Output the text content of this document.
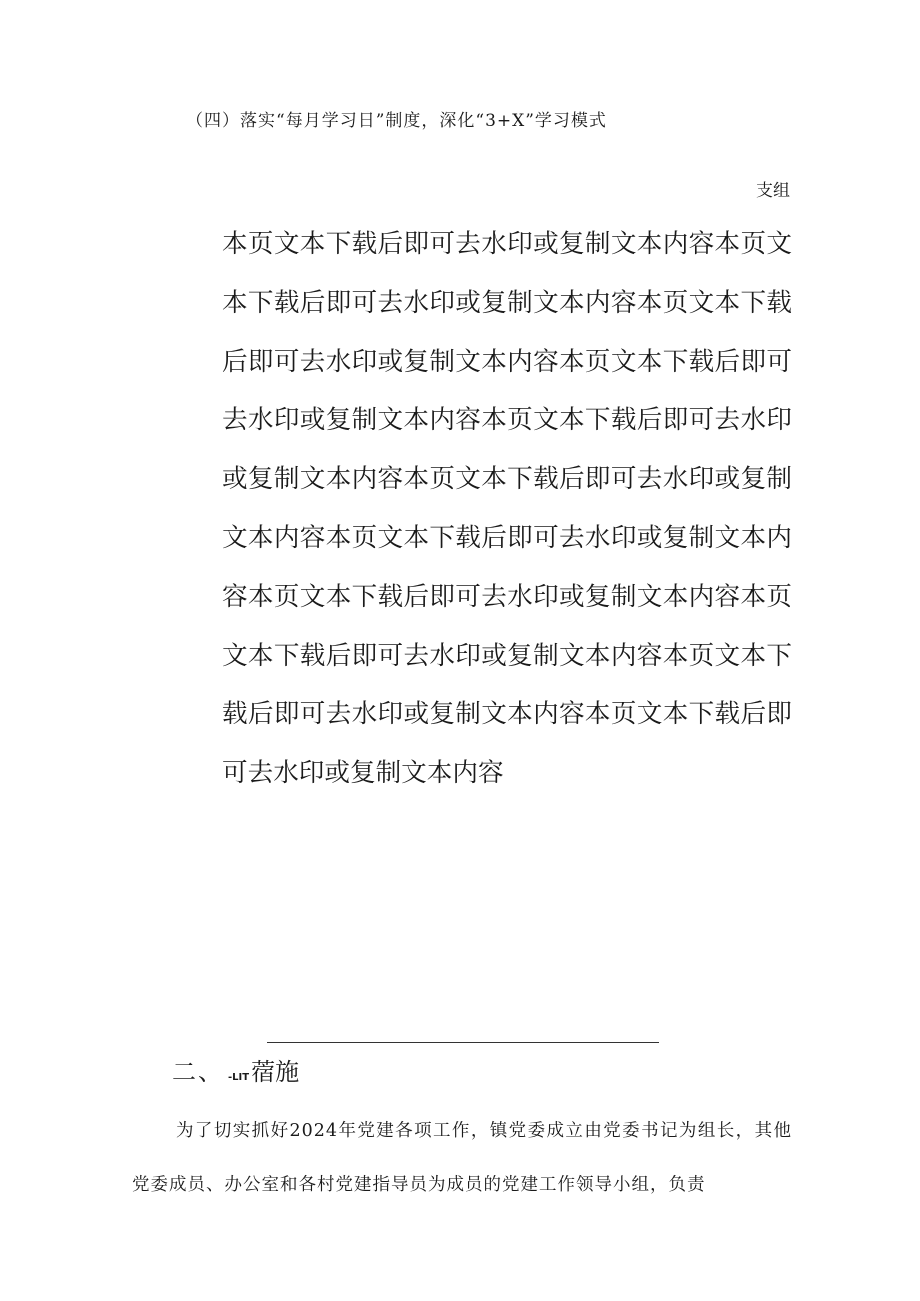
（四）落实“每月学习日”制度，深化“3+X”学习模式
支组
本页文本下载后即可去水印或复制文本内容本页文本下载后即可去水印或复制文本内容本页文本下载后即可去水印或复制文本内容本页文本下载后即可去水印或复制文本内容本页文本下载后即可去水印或复制文本内容本页文本下载后即可去水印或复制文本内容本页文本下载后即可去水印或复制文本内容本页文本下载后即可去水印或复制文本内容本页文本下载后即可去水印或复制文本内容本页文本下载后即可去水印或复制文本内容本页文本下载后即可去水印或复制文本内容
二、 -LIT 蓿施
为了切实抓好2024年党建各项工作，镇党委成立由党委书记为组长，其他党委成员、办公室和各村党建指导员为成员的党建工作领导小组，负责
